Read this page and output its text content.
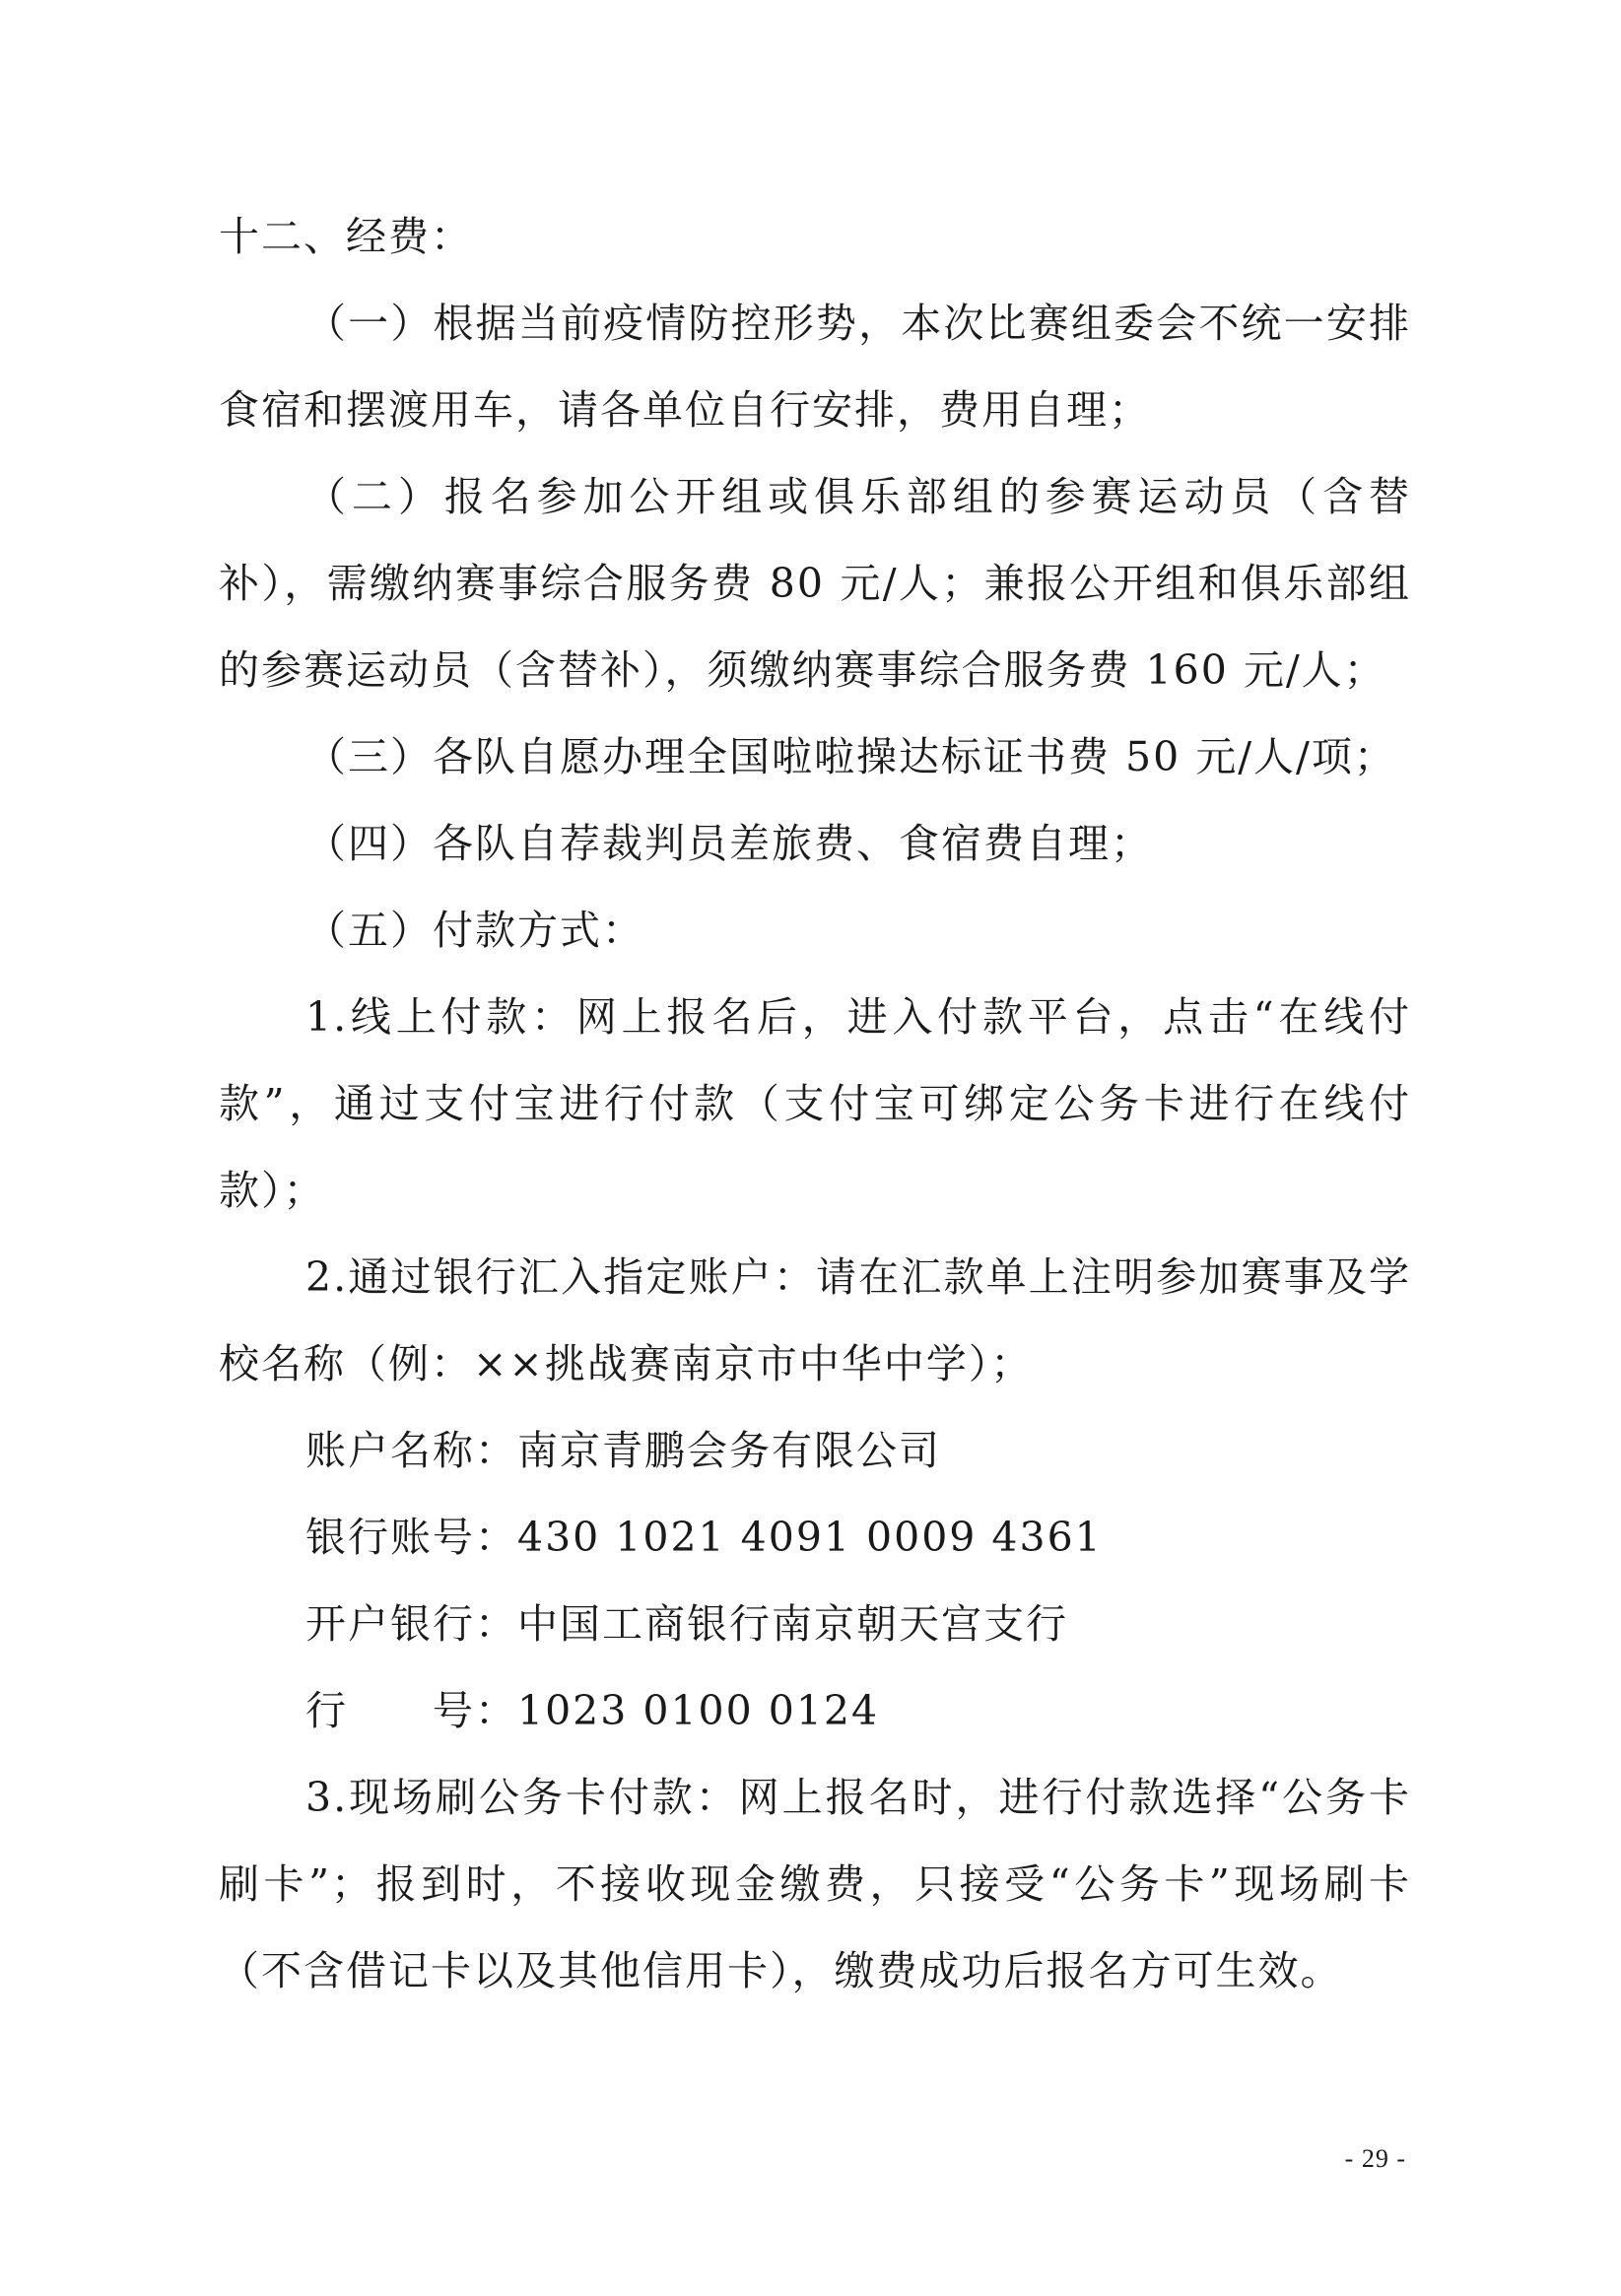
十二、经费：

（一）根据当前疫情防控形势，本次比赛组委会不统一安排食宿和摆渡用车，请各单位自行安排，费用自理；

（二）报名参加公开组或俱乐部组的参赛运动员（含替补），需缴纳赛事综合服务费 80 元/人；兼报公开组和俱乐部组的参赛运动员（含替补），须缴纳赛事综合服务费 160 元/人；

（三）各队自愿办理全国啦啦操达标证书费 50 元/人/项；

（四）各队自荐裁判员差旅费、食宿费自理；

（五）付款方式：

1.线上付款：网上报名后，进入付款平台，点击“在线付款”，通过支付宝进行付款（支付宝可绑定公务卡进行在线付款）；

2.通过银行汇入指定账户：请在汇款单上注明参加赛事及学校名称（例：××挑战赛南京市中华中学）；

账户名称：南京青鹏会务有限公司

银行账号：430 1021 4091 0009 4361

开户银行：中国工商银行南京朝天宫支行

行　　号：1023 0100 0124

3.现场刷公务卡付款：网上报名时，进行付款选择“公务卡刷卡”；报到时，不接收现金缴费，只接受“公务卡”现场刷卡（不含借记卡以及其他信用卡），缴费成功后报名方可生效。

- 29 -
